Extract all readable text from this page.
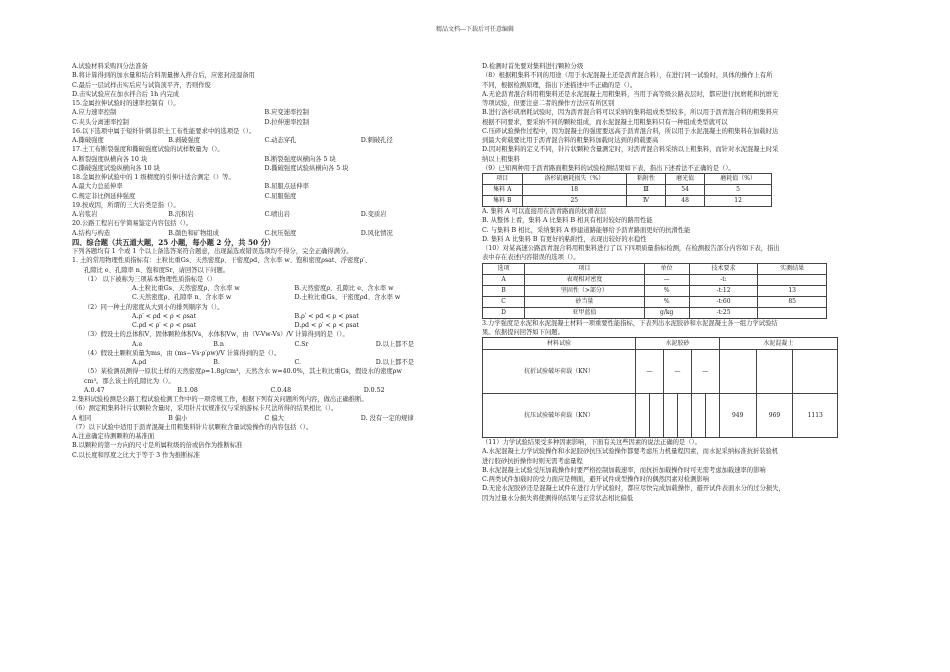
精品文档---下载后可任意编辑
A.试验材料采购四分法准备
B.将计算得到的加水量和结合料剂量掺入拌合后，应密封浸湿备用
C.最后一层试样击实后应与试筒顶平齐，否则作废
D.击实试验应在加水拌合后 1h 内完成
15.金属拉伸试验时的速率控制有（）。
A.应力速率控制	B.应变速率控制
C.夹头分离速率控制	D.拉伸速率控制
16.以下选项中属于短纤针刺非织土工布性能要求中的选项是（）。
A.撕破强度	B.剥破强度	C.动态穿孔	D.刺破孔径
17.土工布断裂强度和撕破强度试验的试样数量为（）。
A.断裂强度纵横向各 10 块	B.断裂强度纵横向各 5 块
C.撕破强度试验纵横向各 10 块	D.撕破强度试验纵横向各 5 块
18.金属拉伸试验中的 1 级精度的引伸计适合测定（）等。
A.最大力总延伸率	B.屈服点延伸率
C.规定非比例延伸强度	C.屈服强度
19.按成因，所谓的三大岩类是指（）。
A.岩浆岩	B.沉积岩	C.喷出岩	D.变质岩
20.公路工程岩石学简易鉴定内容包括（）。
A.结构与构造	B.颜色和矿物组成	C.抗压强度	D.风化情况
四、综合题（共五道大题，25 小题，每小题 2 分，共 50 分）
下列各题均有 1 个或 1 个以上备选答案符合题意，出现漏选或错误选项均不得分，完全正确得满分。
1. 土的常用物理性质指标有：土粒比重Gs、天然密度ρ、干密度ρd、含水率 w、饱和密度ρsat、浮密度ρ′、
孔隙比 e、孔隙率 n、饱和度Sr，请回答以下问题。
（1） 以下被称为三项基本物理性质指标是（）
A.土粒比重Gs、天然密度ρ、含水率 w	B.天然密度ρ、孔隙比 e、含水率 w
C.天然密度ρ、孔隙率 n、含水率 w	D.土粒比重Gs、干密度ρd、含水率 w
（2）同一种土的密度从大到小的排列顺序为（）。
A.ρ′ < ρd < ρ < ρsat	B.ρ′ < ρd < ρ < ρsat
C.ρd < ρ′ < ρ < ρsat	D.ρd < ρ′ < ρ < ρsat
（3）假设土的总体积V，固体颗粒体积Vs，水体积Vw，由（V-Vw-Vs）/V 计算得到的是（）。
A.e	B.n	C.Sr	D.以上都不是
（4）假设土颗粒质量为ms，由 (ms−Vs·ρ′ρw)/V 计算得到的是（）。
A.ρd	B.	C.	D.以上都不是
（5）某检测员测得一原状土样的天然密度ρ=1.8g/cm³，天然含水 w=40.0%，其土粒比重Gs，假设水的密度ρw
cm³。那么该土的孔隙比为（）。
A.0.47	B.1.08	C.0.48	D.0.52
2.集料试验检测是公路工程试验检测工作中的一项常规工作，根据下列有关问题所列内容，做出正确推断。
（6）测定粗集料针片状颗粒含量时，采用针片状规准仪与采纳游标卡尺法所得的结果相比（）。
A 相同	B 偏小	C 偏大	D. 没有一定的规律
（7）以下试验中适用于沥青混凝土用粗集料针片状颗粒含量试验操作的内容包括（）。
A.注意确定待测颗粒的基准面
B.以颗粒的第一方向的尺寸是所属粒级的倍或倍作为推断标准
C.以长度和厚度之比大于等于 3 作为推断标准
D.检测时首先要对集料进行颗粒分级
（8）根据粗集料不同的用途（用于水泥混凝土还是沥青混合料），在进行同一试验时，具体的操作上有所
不同，根据检测原理，指出下述描述中不正确的是（）。
A.无论沥青混合料用粗集料还是水泥混凝土用粗集料，当用于高等级公路表层时，都应进行抗磨耗和抗磨光
等项试验，但要注意二者的操作方法应有所区别
B.进行洛杉矶磨耗试验时，因为沥青混合料可以采纳的集料组成类型较多，所以用于沥青混合料的粗集料应
根据不同要求，要采纳不同的颗粒组成，而水泥混凝土用粗集料只有一种组成类型就可以
C.压碎试验操作过程中，因为混凝土的强度要远高于沥青混合料，所以用于水泥混凝土的粗集料在加载时达
到最大荷载要比用于沥青混合料的粗集料加载时达到的荷载要高
D.因对粗集料的定义不同，针片状颗粒含量测定时，对沥青混合料采纳以上粗集料，而针对水泥混凝土时采
纳以上粗集料
（9）已知两种用于沥青路面粗集料的试验检测结果如下表，指出下述看法不正确的是（）。
项目	洛杉矶磨耗损失（%）	粘附性	磨光值	磨耗值（%）
集料 A	18	Ⅲ	54	5
集料 B	25	Ⅳ	48	12
A. 集料 A 可以直接用在沥青路面的抗滑表层
B. 从整体上看，集料 A 比集料 B 相具有相对较好的路用性能
C. 与集料 B 相比，采纳集料 A 修建道路能够给予沥青路面更好的抗滑性能
D. 集料 A 比集料 B 有更好的粘附性，表现出较好的水稳性
（10）对某高速公路沥青混合料用粗集料进行了以下四项质量指标检测，在检测报告部分内容如下表，指出
表中存在表述内容错误的选项（）。
选项	项目	单位	技术要求	实测结果
A	表观相对密度	—	-t:	
B	坚固性（>部分）	%	-t:12	13
C	砂当量	%	-t:60	85
D	亚甲蓝值	g/kg	-t:25	
3.力学强度是水泥和水泥混凝土材料一项重要性能指标，下表列出水泥胶砂和水泥混凝土各一组力学试验结
果。依据提问回答如下问题。
材料试验	水泥胶砂						水泥混凝土		
抗折试验破坏荷载（KN）	—		—		—				
抗压试验破坏荷载（KN）							949	969	1113
（11）力学试验结果受多种因素影响，下面有关这些因素的说法正确的是（）。
A.水泥混凝土力学试验操作和水泥胶砂抗压试验操作都要考虑压力机量程因素，而水泥采纳标准抗折装验机
进行胶砂抗折操作时则无需考虑量程
B.水泥混凝土试验受压加载操作时要严格控制加载速率，而抗折加载操作时可无需考虑加载速率的影响
C.两类试件加载时的受力面应是侧面，避开试件成型操作时的偶然因素对检测影响
D.无论水泥胶砂还是混凝土试件在进行力学试验时，都应尽快完成加载操作，避开试件表面水分的过分损失，
因为过量水分损失将使测得的结果与正常状态相比偏低
